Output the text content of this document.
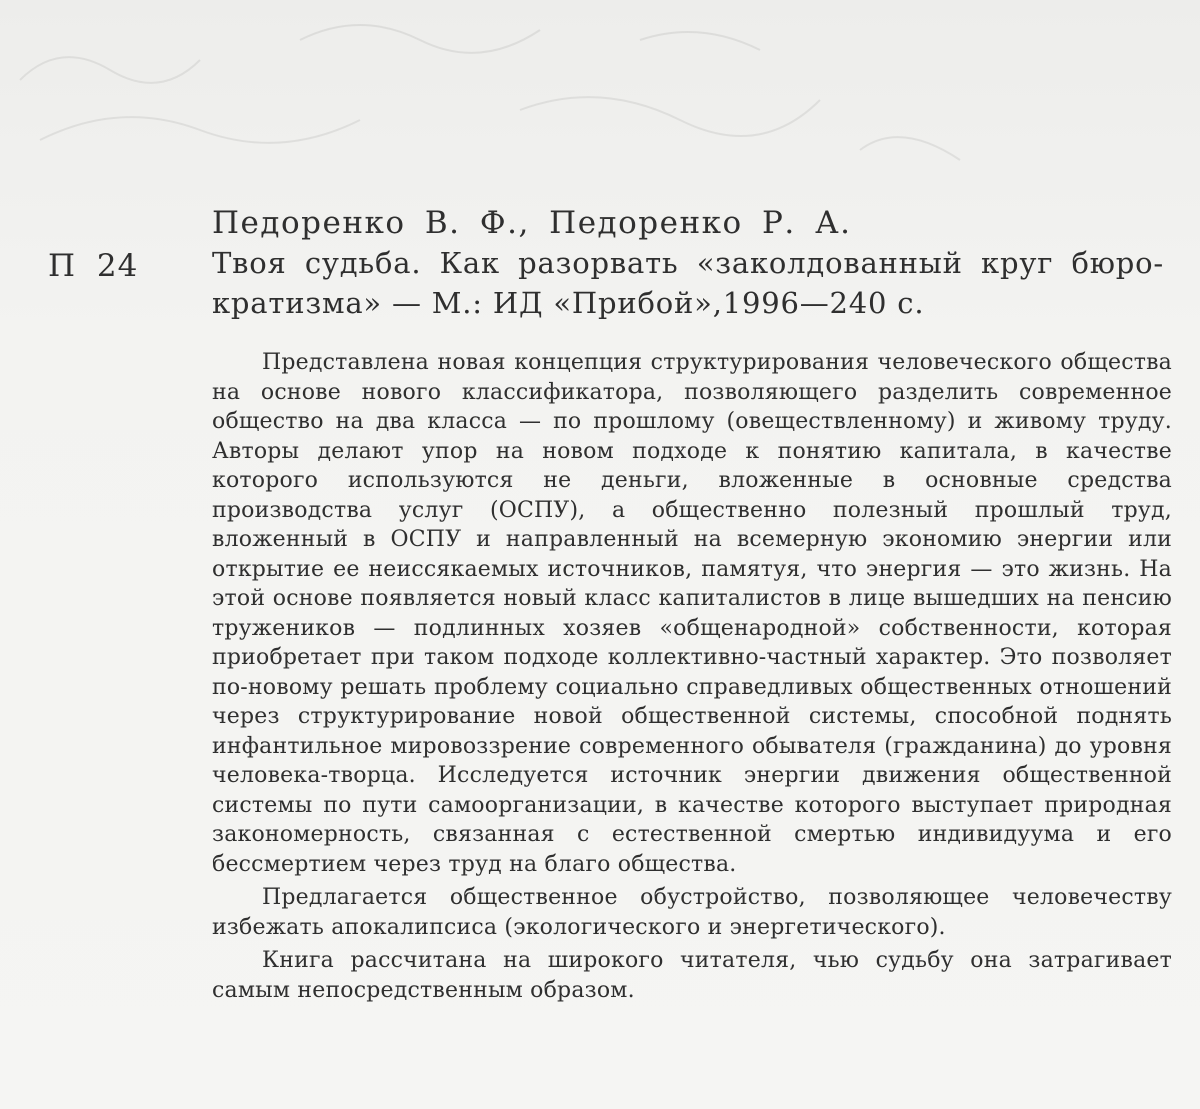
Педоренко В. Ф., Педоренко Р. А.
П 24	Твоя судьба. Как разорвать «заколдованный круг бюро-
кратизма» — М.: ИД «Прибой»,1996—240 с.

Представлена новая концепция структурирования человеческого общества на основе нового классификатора, позволяющего разделить современное общество на два класса — по прошлому (овеществленному) и живому труду. Авторы делают упор на новом подходе к понятию капитала, в качестве которого используются не деньги, вложенные в основные средства производства услуг (ОСПУ), а общественно полезный прошлый труд, вложенный в ОСПУ и направленный на всемерную экономию энергии или открытие ее неиссякаемых источников, памятуя, что энергия — это жизнь. На этой основе появляется новый класс капиталистов в лице вышедших на пенсию тружеников — подлинных хозяев «общенародной» собственности, которая приобретает при таком подходе коллективно-частный характер. Это позволяет по-новому решать проблему социально справедливых общественных отношений через структурирование новой общественной системы, способной поднять инфантильное мировоззрение современного обывателя (гражданина) до уровня человека-творца. Исследуется источник энергии движения общественной системы по пути самоорганизации, в качестве которого выступает природная закономерность, связанная с естественной смертью индивидуума и его бессмертием через труд на благо общества.

Предлагается общественное обустройство, позволяющее человечеству избежать апокалипсиса (экологического и энергетического).

Книга рассчитана на широкого читателя, чью судьбу она затрагивает самым непосредственным образом.
